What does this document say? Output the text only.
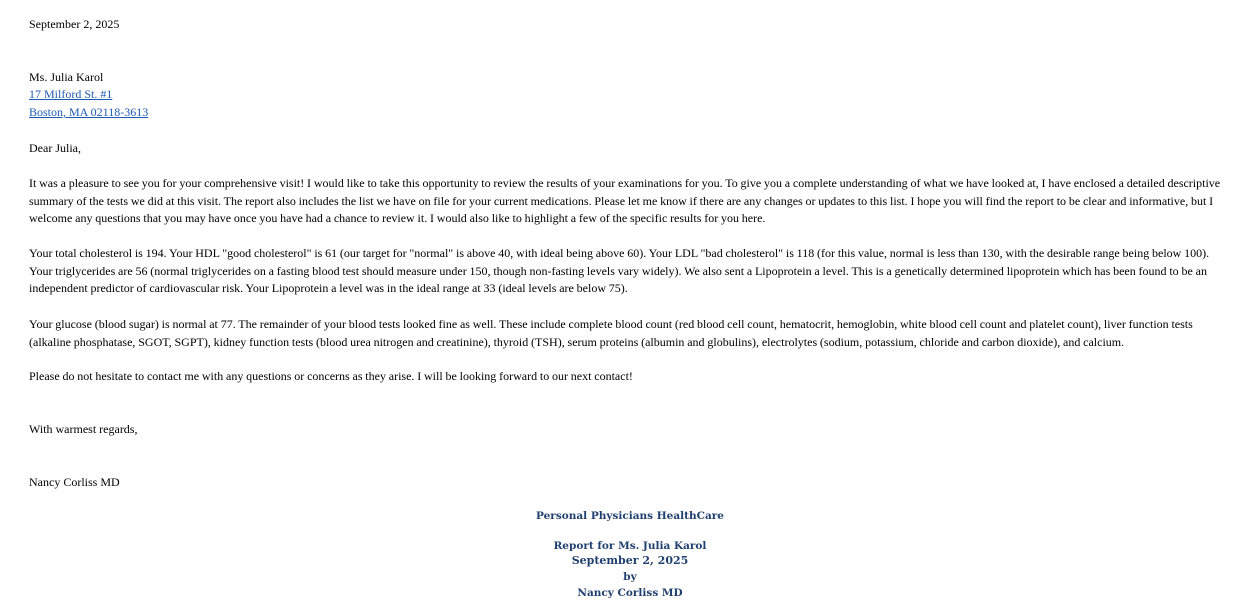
September 2, 2025
Ms. Julia Karol
17 Milford St. #1
Boston, MA 02118-3613
Dear Julia,
It was a pleasure to see you for your comprehensive visit! I would like to take this opportunity to review the results of your examinations for you. To give you a complete understanding of what we have looked at, I have enclosed a detailed descriptive summary of the tests we did at this visit. The report also includes the list we have on file for your current medications. Please let me know if there are any changes or updates to this list. I hope you will find the report to be clear and informative, but I welcome any questions that you may have once you have had a chance to review it. I would also like to highlight a few of the specific results for you here.
Your total cholesterol is 194. Your HDL "good cholesterol" is 61 (our target for "normal" is above 40, with ideal being above 60). Your LDL "bad cholesterol" is 118 (for this value, normal is less than 130, with the desirable range being below 100). Your triglycerides are 56 (normal triglycerides on a fasting blood test should measure under 150, though non-fasting levels vary widely). We also sent a Lipoprotein a level. This is a genetically determined lipoprotein which has been found to be an independent predictor of cardiovascular risk. Your Lipoprotein a level was in the ideal range at 33 (ideal levels are below 75).
Your glucose (blood sugar) is normal at 77. The remainder of your blood tests looked fine as well. These include complete blood count (red blood cell count, hematocrit, hemoglobin, white blood cell count and platelet count), liver function tests (alkaline phosphatase, SGOT, SGPT), kidney function tests (blood urea nitrogen and creatinine), thyroid (TSH), serum proteins (albumin and globulins), electrolytes (sodium, potassium, chloride and carbon dioxide), and calcium.
Please do not hesitate to contact me with any questions or concerns as they arise. I will be looking forward to our next contact!
With warmest regards,
Nancy Corliss MD
Personal Physicians HealthCare
Report for Ms. Julia Karol
September 2, 2025
by
Nancy Corliss MD
